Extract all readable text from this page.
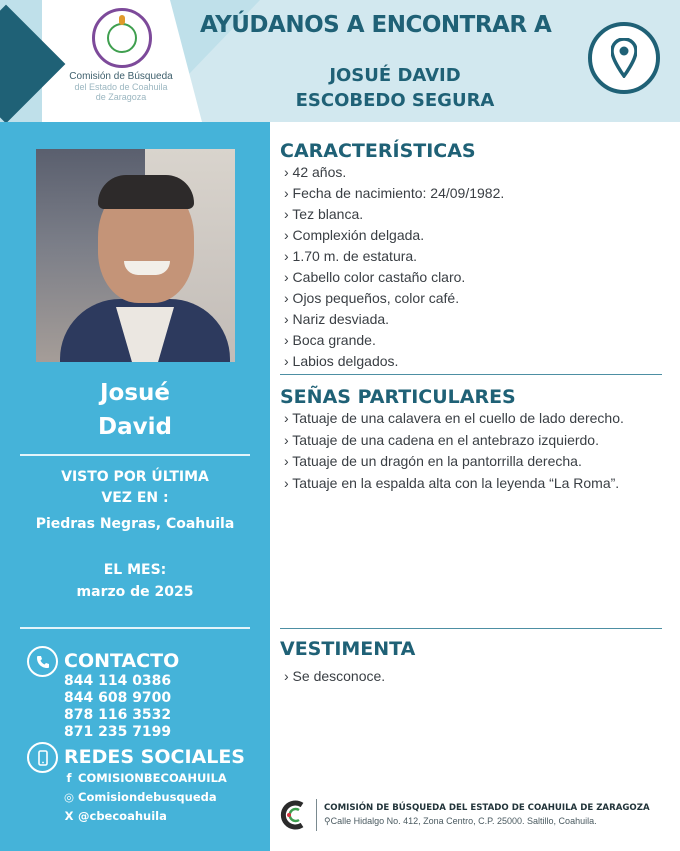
Comisión de Búsqueda
del Estado de Coahuila
de Zaragoza
AYÚDANOS A ENCONTRAR A
JOSUÉ DAVID
ESCOBEDO SEGURA
Josué
David
VISTO POR ÚLTIMA
VEZ EN :
Piedras Negras, Coahuila
EL MES:
marzo de 2025
CONTACTO
844 114 0386
844 608 9700
878 116 3532
871 235 7199
REDES SOCIALES
f COMISIONBECOAHUILA
◎ Comisiondebusqueda
X @cbecoahuila
CARACTERÍSTICAS
› 42 años.
› Fecha de nacimiento: 24/09/1982.
› Tez blanca.
› Complexión delgada.
› 1.70 m. de estatura.
› Cabello color castaño claro.
› Ojos pequeños, color café.
› Nariz desviada.
› Boca grande.
› Labios delgados.
SEÑAS PARTICULARES
› Tatuaje de una calavera en el cuello de lado derecho.
› Tatuaje de una cadena en el antebrazo izquierdo.
› Tatuaje de un dragón en la pantorrilla derecha.
› Tatuaje en la espalda alta con la leyenda “La Roma”.
VESTIMENTA
› Se desconoce.
COMISIÓN DE BÚSQUEDA DEL ESTADO DE COAHUILA DE ZARAGOZA
⚲Calle Hidalgo No. 412, Zona Centro, C.P. 25000. Saltillo, Coahuila.
